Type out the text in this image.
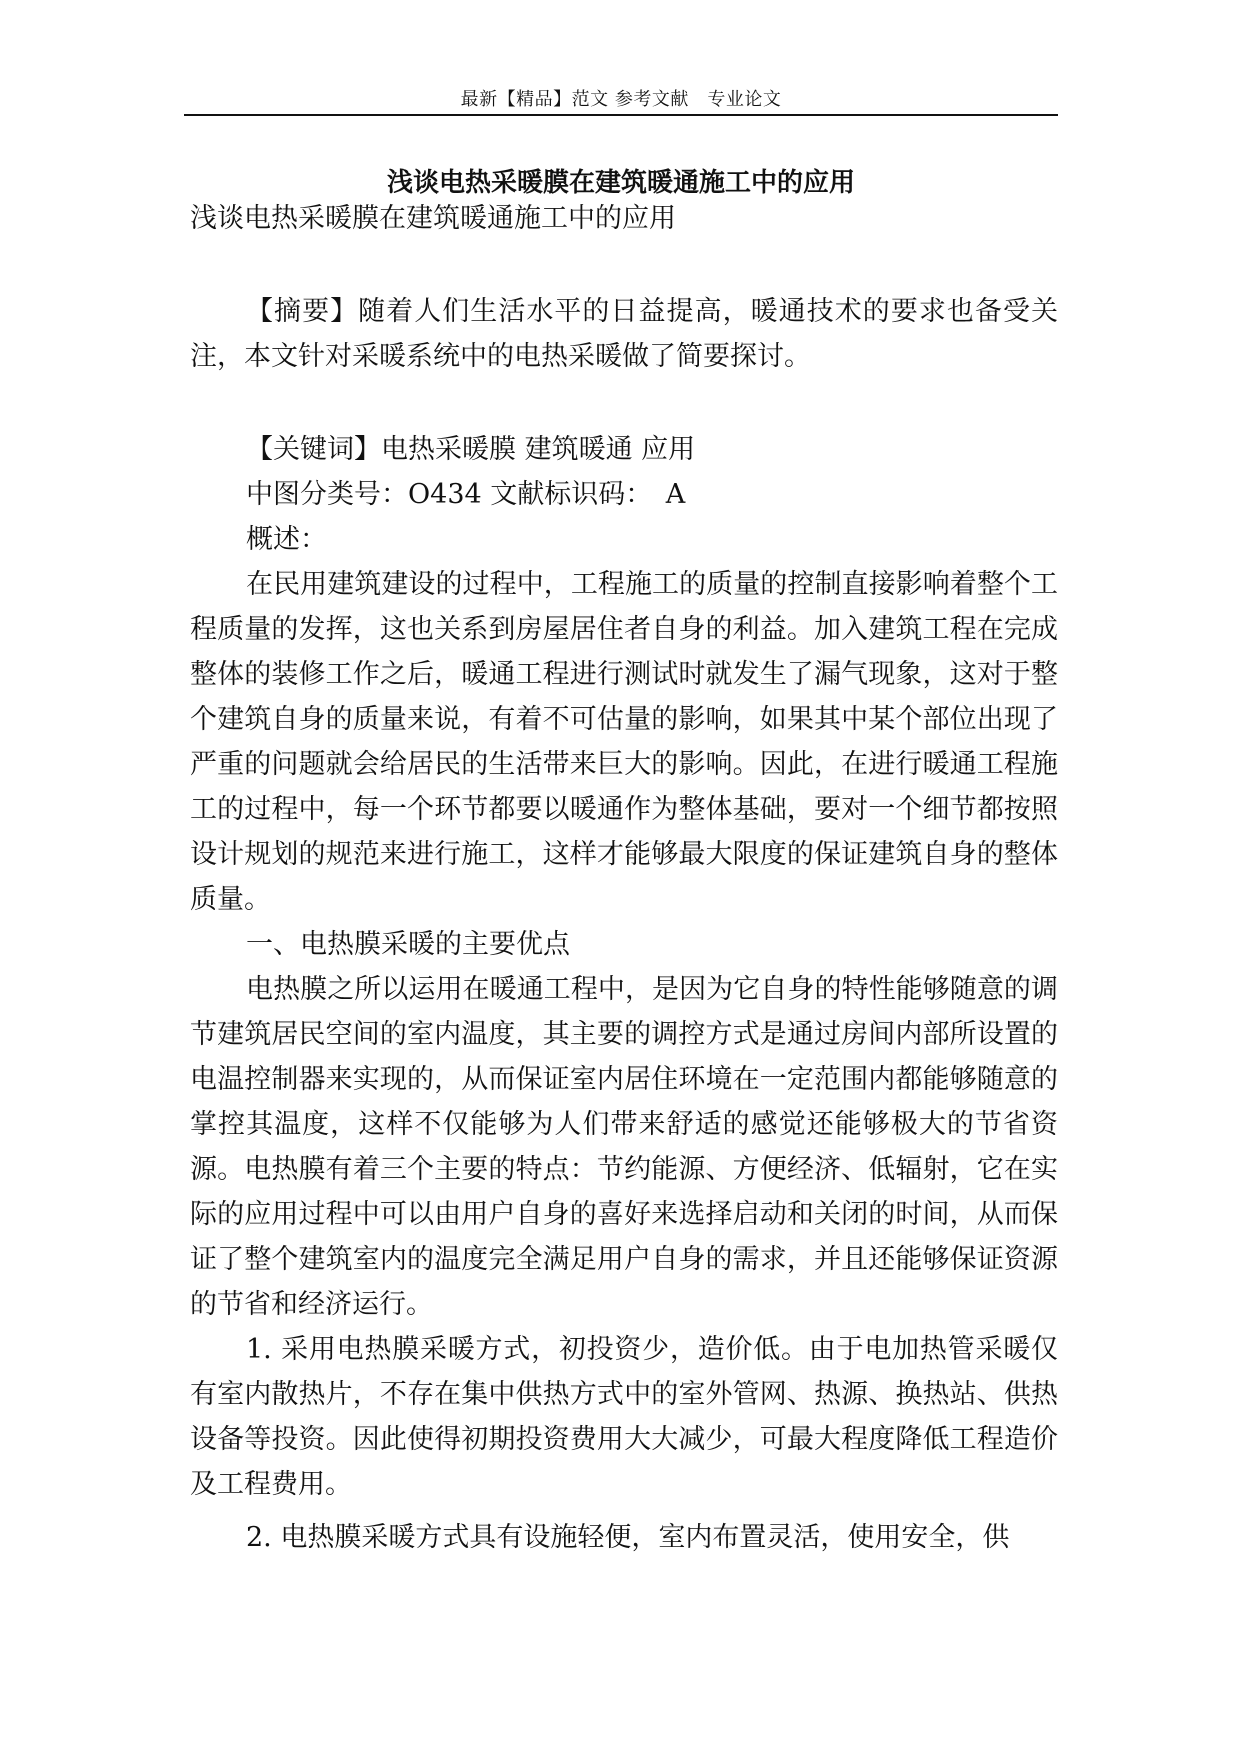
最新【精品】范文 参考文献　专业论文
浅谈电热采暖膜在建筑暖通施工中的应用

浅谈电热采暖膜在建筑暖通施工中的应用

【摘要】随着人们生活水平的日益提高，暖通技术的要求也备受关注，本文针对采暖系统中的电热采暖做了简要探讨。

【关键词】电热采暖膜 建筑暖通 应用

中图分类号：O434 文献标识码：　A

概述：

在民用建筑建设的过程中，工程施工的质量的控制直接影响着整个工程质量的发挥，这也关系到房屋居住者自身的利益。加入建筑工程在完成整体的装修工作之后，暖通工程进行测试时就发生了漏气现象，这对于整个建筑自身的质量来说，有着不可估量的影响，如果其中某个部位出现了严重的问题就会给居民的生活带来巨大的影响。因此，在进行暖通工程施工的过程中，每一个环节都要以暖通作为整体基础，要对一个细节都按照设计规划的规范来进行施工，这样才能够最大限度的保证建筑自身的整体质量。

一、电热膜采暖的主要优点

电热膜之所以运用在暖通工程中，是因为它自身的特性能够随意的调节建筑居民空间的室内温度，其主要的调控方式是通过房间内部所设置的电温控制器来实现的，从而保证室内居住环境在一定范围内都能够随意的掌控其温度，这样不仅能够为人们带来舒适的感觉还能够极大的节省资源。电热膜有着三个主要的特点：节约能源、方便经济、低辐射，它在实际的应用过程中可以由用户自身的喜好来选择启动和关闭的时间，从而保证了整个建筑室内的温度完全满足用户自身的需求，并且还能够保证资源的节省和经济运行。

1. 采用电热膜采暖方式，初投资少，造价低。由于电加热管采暖仅有室内散热片，不存在集中供热方式中的室外管网、热源、换热站、供热设备等投资。因此使得初期投资费用大大减少，可最大程度降低工程造价及工程费用。

2. 电热膜采暖方式具有设施轻便，室内布置灵活，使用安全，供
